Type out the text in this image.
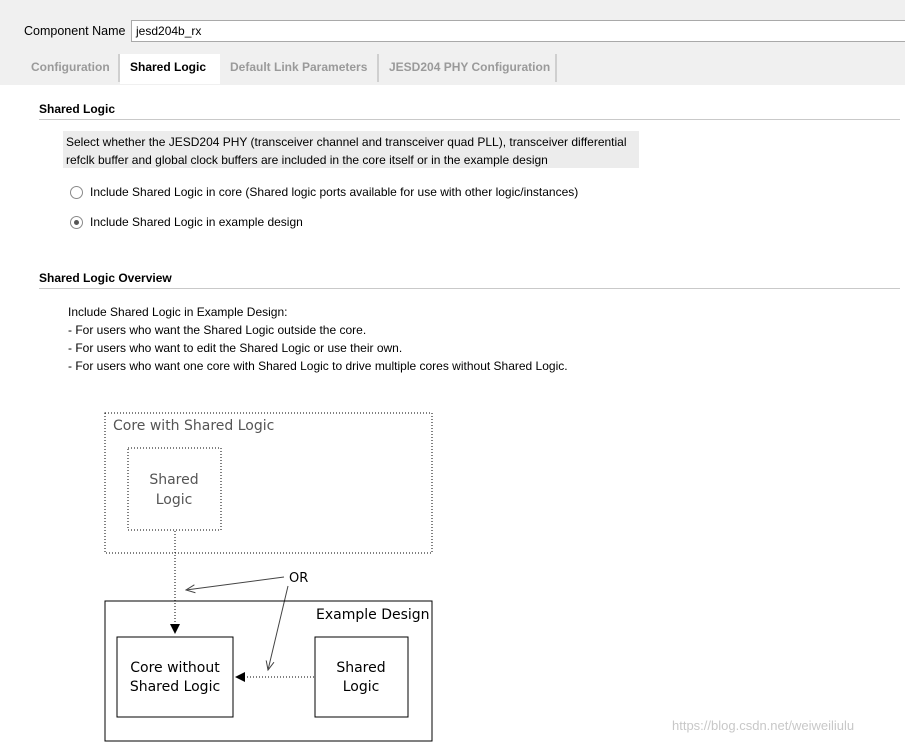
Component Name jesd204b_rx
Configuration	Shared Logic	Default Link Parameters	JESD204 PHY Configuration
Shared Logic
Select whether the JESD204 PHY (transceiver channel and transceiver quad PLL), transceiver differential
refclk buffer and global clock buffers are included in the core itself or in the example design
Include Shared Logic in core (Shared logic ports available for use with other logic/instances)
Include Shared Logic in example design
Shared Logic Overview
Include Shared Logic in Example Design:
- For users who want the Shared Logic outside the core.
- For users who want to edit the Shared Logic or use their own.
- For users who want one core with Shared Logic to drive multiple cores without Shared Logic.
Core with Shared Logic
Shared
Logic
OR
Example Design
Core without
Shared Logic
Shared
Logic
https://blog.csdn.net/weiweiliulu
